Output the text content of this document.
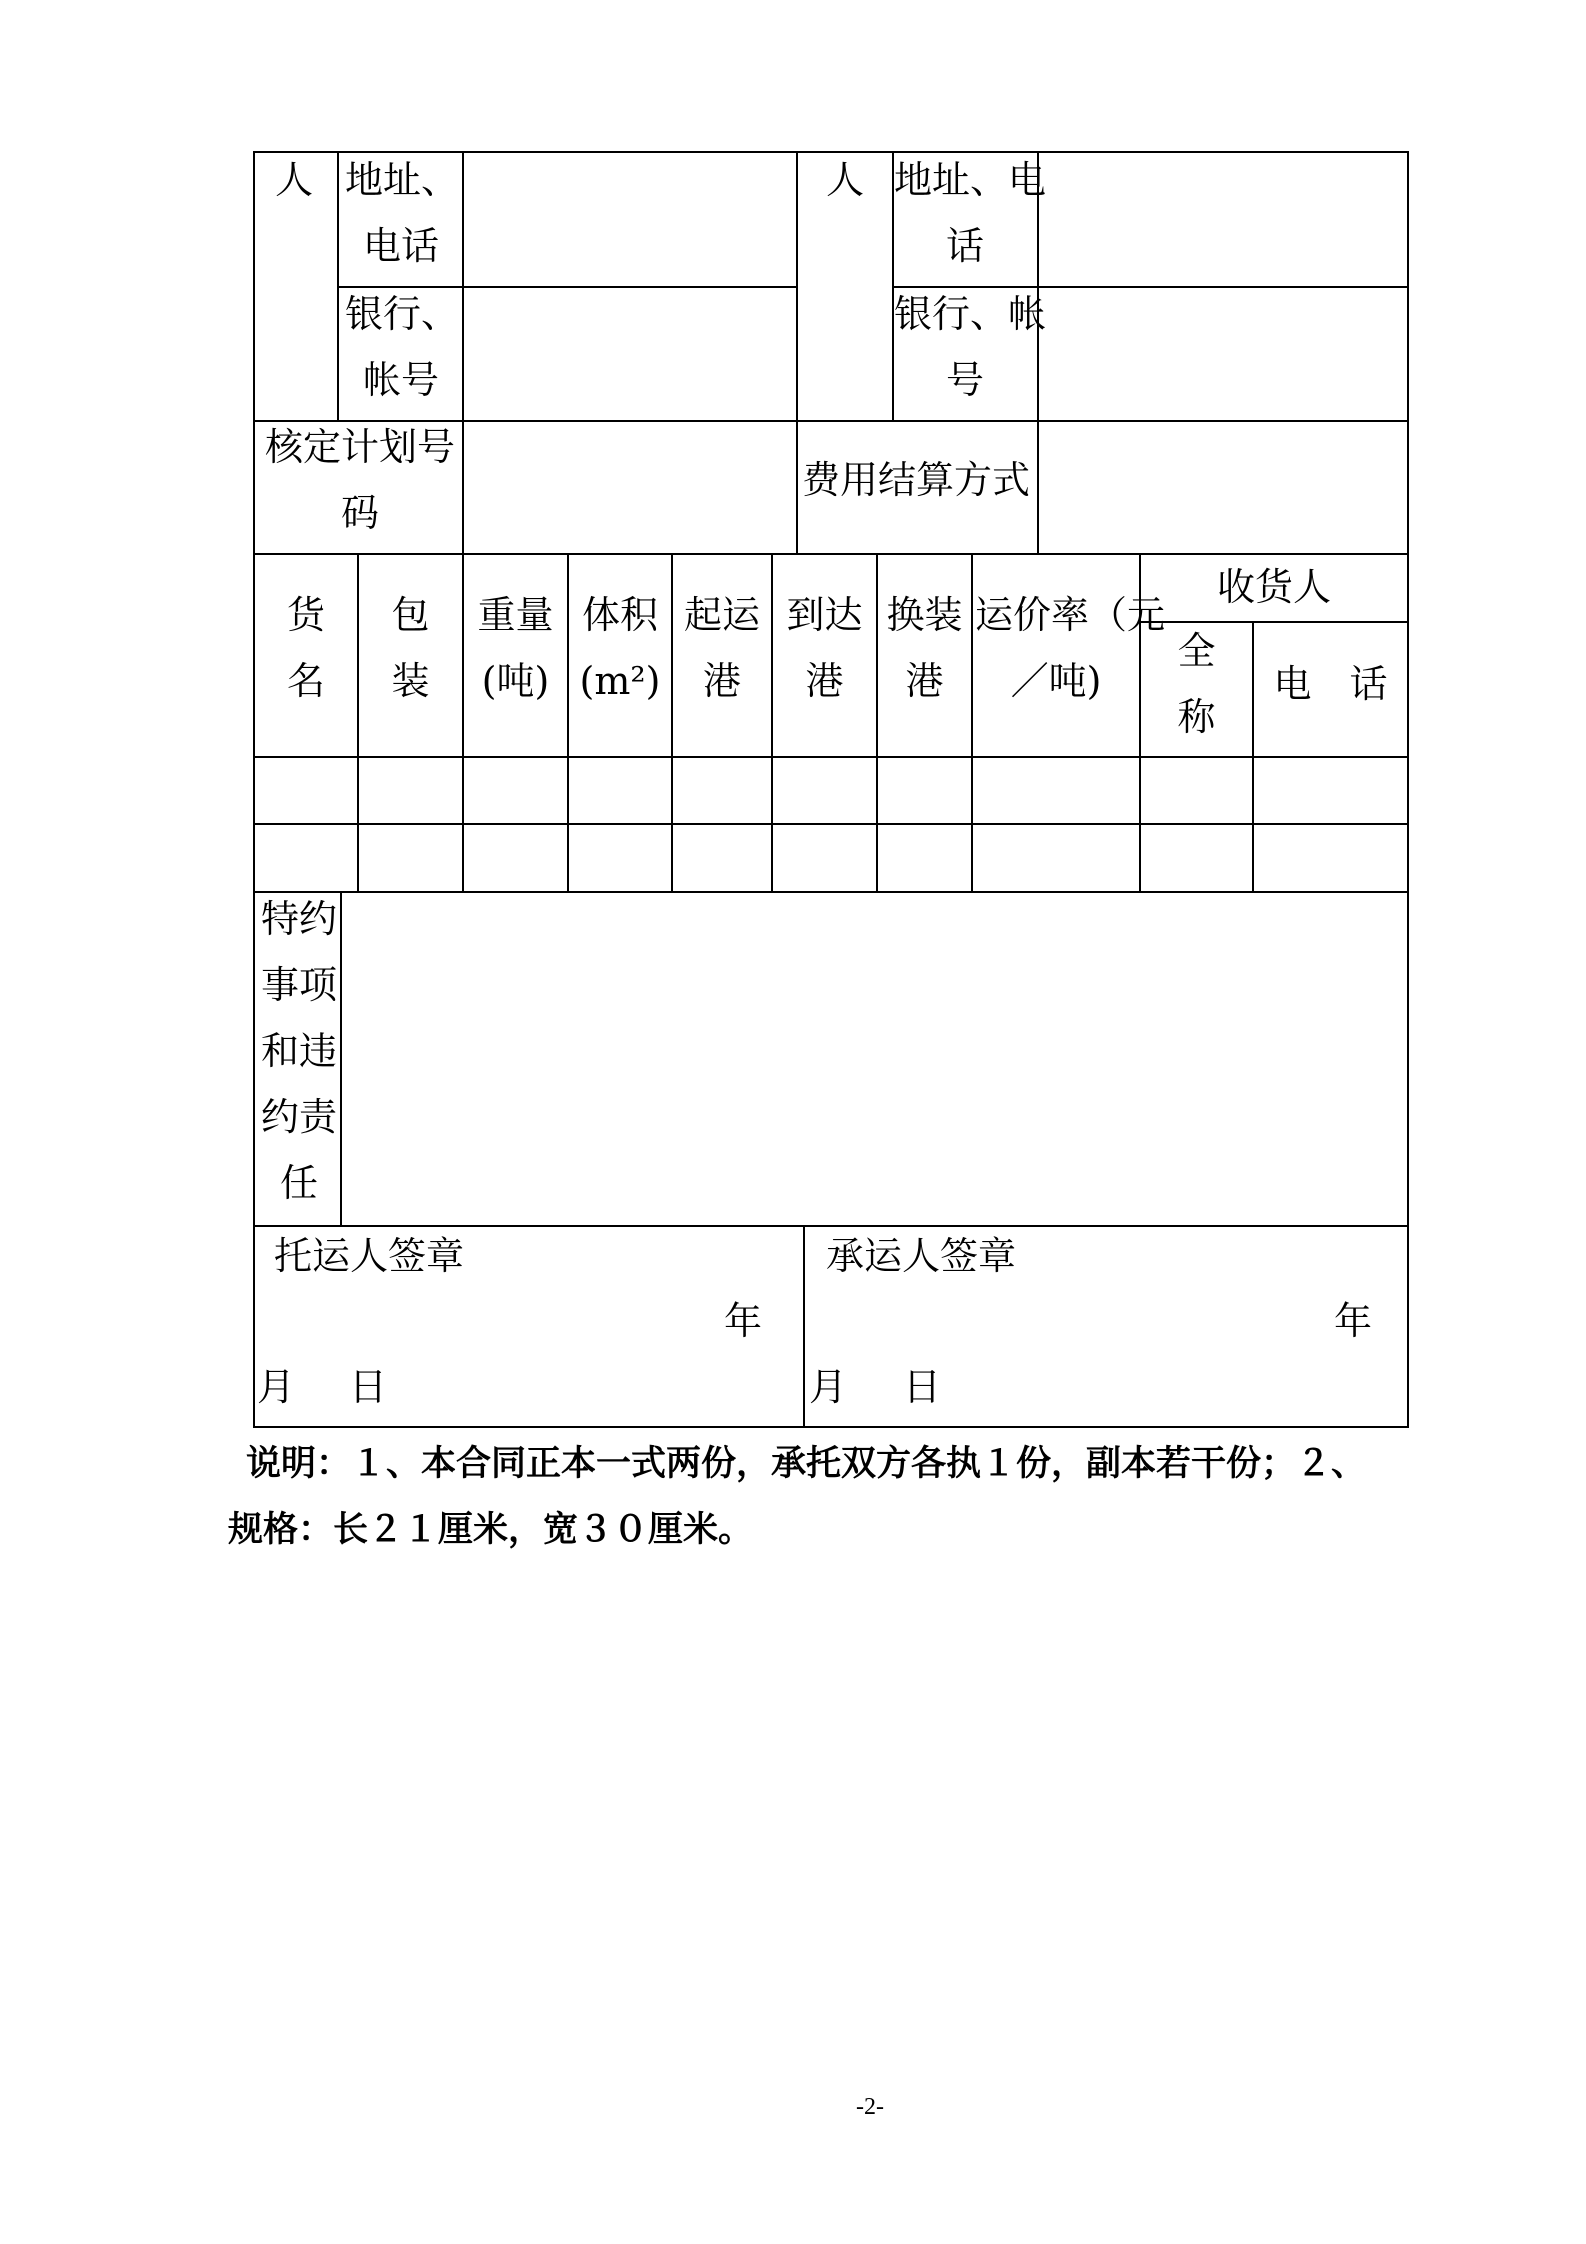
人 地址、
电话
银行、
帐号
人 地址、电
话
银行、帐
号
核定计划号
码
费用结算方式
货
名
包
装
重量
(吨)
体积
(m²)
起运
港
到达
港
换装
港
运价率（元
／吨)
收货人
全
称
电　话
特约
事项
和违
约责
任
托运人签章
年
月 日
承运人签章
年
月 日
说明：１、本合同正本一式两份，承托双方各执１份，副本若干份；２、
规格：长２１厘米，宽３０厘米。
-2-
